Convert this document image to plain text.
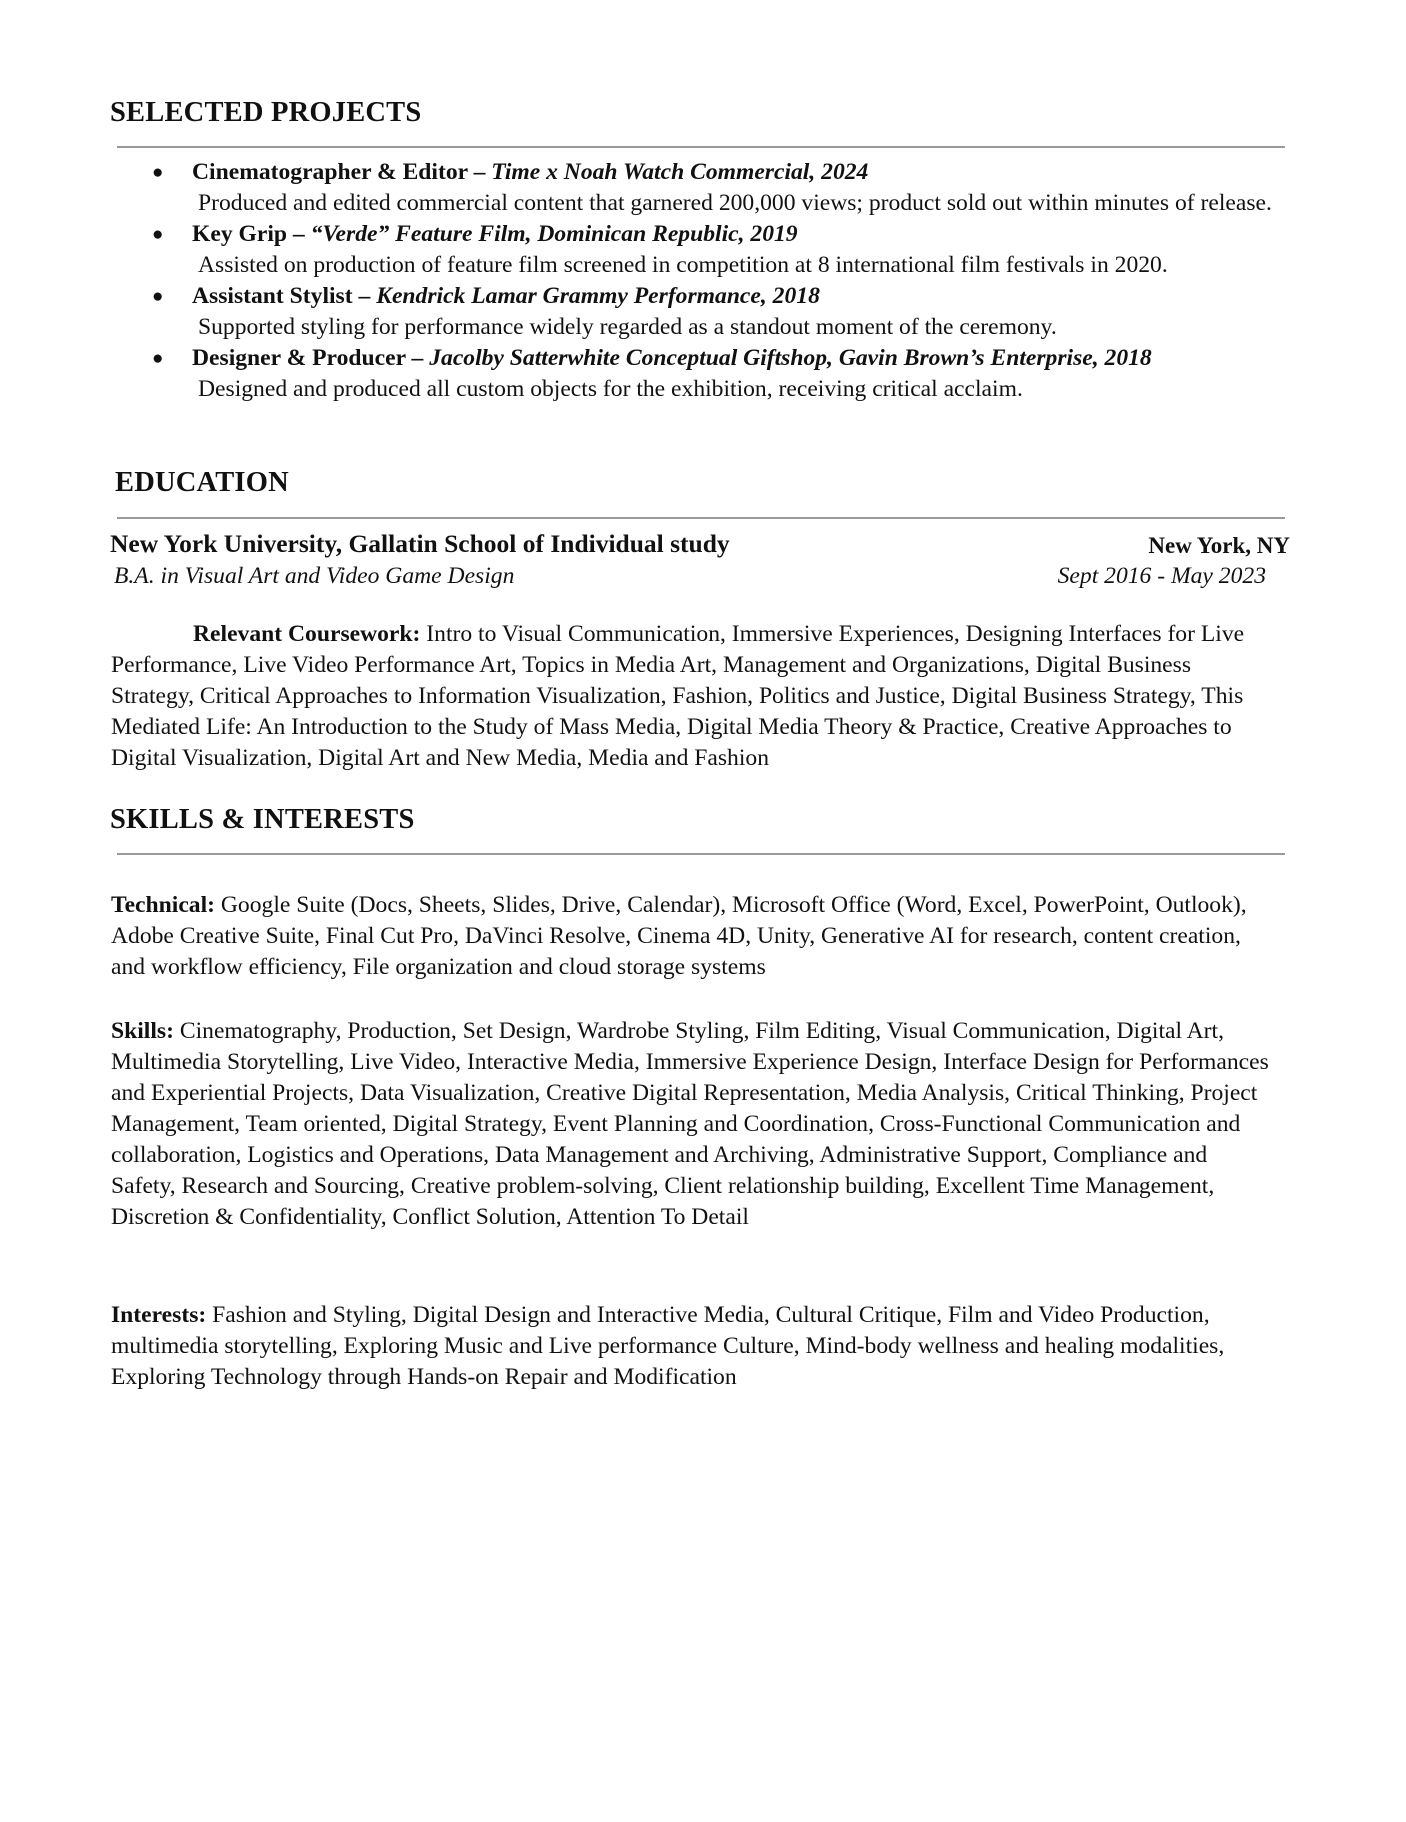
SELECTED PROJECTS
● Cinematographer & Editor – Time x Noah Watch Commercial, 2024
Produced and edited commercial content that garnered 200,000 views; product sold out within minutes of release.
● Key Grip – “Verde” Feature Film, Dominican Republic, 2019
Assisted on production of feature film screened in competition at 8 international film festivals in 2020.
● Assistant Stylist – Kendrick Lamar Grammy Performance, 2018
Supported styling for performance widely regarded as a standout moment of the ceremony.
● Designer & Producer – Jacolby Satterwhite Conceptual Giftshop, Gavin Brown’s Enterprise, 2018
Designed and produced all custom objects for the exhibition, receiving critical acclaim.
EDUCATION
New York University, Gallatin School of Individual study	New York, NY
B.A. in Visual Art and Video Game Design	Sept 2016 - May 2023

Relevant Coursework: Intro to Visual Communication, Immersive Experiences, Designing Interfaces for Live Performance, Live Video Performance Art, Topics in Media Art, Management and Organizations, Digital Business Strategy, Critical Approaches to Information Visualization, Fashion, Politics and Justice, Digital Business Strategy, This Mediated Life: An Introduction to the Study of Mass Media, Digital Media Theory & Practice, Creative Approaches to Digital Visualization, Digital Art and New Media, Media and Fashion

SKILLS & INTERESTS

Technical: Google Suite (Docs, Sheets, Slides, Drive, Calendar), Microsoft Office (Word, Excel, PowerPoint, Outlook), Adobe Creative Suite, Final Cut Pro, DaVinci Resolve, Cinema 4D, Unity, Generative AI for research, content creation, and workflow efficiency, File organization and cloud storage systems

Skills: Cinematography, Production, Set Design, Wardrobe Styling, Film Editing, Visual Communication, Digital Art, Multimedia Storytelling, Live Video, Interactive Media, Immersive Experience Design, Interface Design for Performances and Experiential Projects, Data Visualization, Creative Digital Representation, Media Analysis, Critical Thinking, Project Management, Team oriented, Digital Strategy, Event Planning and Coordination, Cross-Functional Communication and collaboration, Logistics and Operations, Data Management and Archiving, Administrative Support, Compliance and Safety, Research and Sourcing, Creative problem-solving, Client relationship building, Excellent Time Management, Discretion & Confidentiality, Conflict Solution, Attention To Detail

Interests: Fashion and Styling, Digital Design and Interactive Media, Cultural Critique, Film and Video Production, multimedia storytelling, Exploring Music and Live performance Culture, Mind-body wellness and healing modalities, Exploring Technology through Hands-on Repair and Modification
